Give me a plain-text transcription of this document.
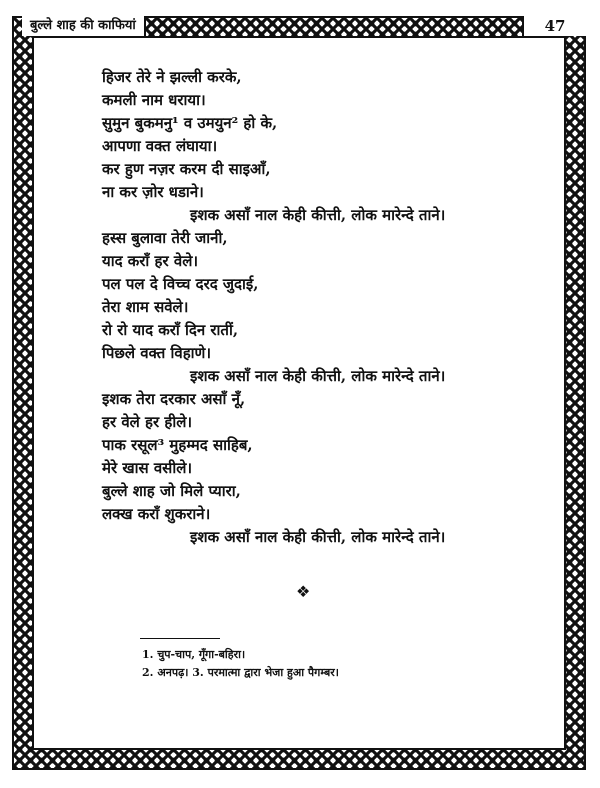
बुल्ले शाह की काफियां	47
हिजर तेरे ने झल्ली करके,
कमली नाम धराया।
सुमुन बुकमनु¹ व उमयुन² हो के,
आपणा वक्त लंघाया।
कर हुण नज़र करम दी साइआँ,
ना कर ज़ोर धडाने।
इशक असाँ नाल केही कीत्ती, लोक मारेन्दे ताने।
हस्स बुलावा तेरी जानी,
याद कराँ हर वेले।
पल पल दे विच्च दरद जुदाई,
तेरा शाम सवेले।
रो रो याद कराँ दिन रातीं,
पिछले वक्त विहाणे।
इशक असाँ नाल केही कीत्ती, लोक मारेन्दे ताने।
इशक तेरा दरकार असाँ नूँ,
हर वेले हर हीले।
पाक रसूल³ मुहम्मद साहिब,
मेरे खास वसीले।
बुल्ले शाह जो मिले प्यारा,
लक्ख कराँ शुकराने।
इशक असाँ नाल केही कीत्ती, लोक मारेन्दे ताने।
❖
1. चुप-चाप, गूँगा-बहिरा।
2. अनपढ़। 3. परमात्मा द्वारा भेजा हुआ पैगम्बर।
